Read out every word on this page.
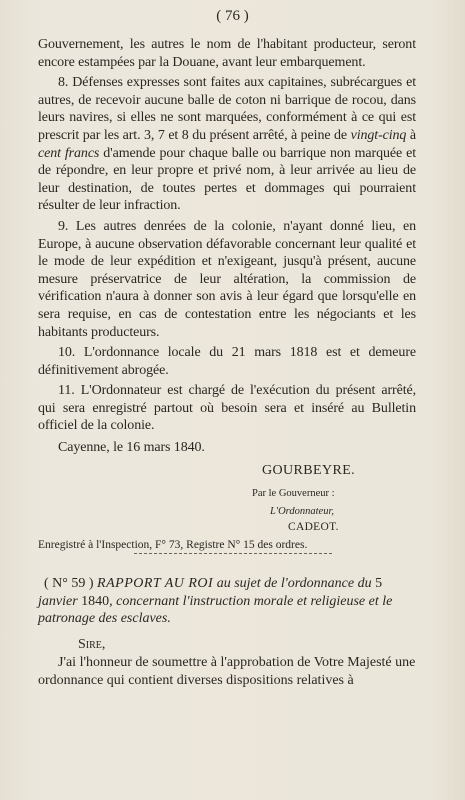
( 76 )

Gouvernement, les autres le nom de l'habitant producteur, seront encore estampées par la Douane, avant leur embarquement.

8. Défenses expresses sont faites aux capitaines, subrécargues et autres, de recevoir aucune balle de coton ni barrique de rocou, dans leurs navires, si elles ne sont marquées, conformément à ce qui est prescrit par les art. 3, 7 et 8 du présent arrêté, à peine de vingt-cinq à cent francs d'amende pour chaque balle ou barrique non marquée et de répondre, en leur propre et privé nom, à leur arrivée au lieu de leur destination, de toutes pertes et dommages qui pourraient résulter de leur infraction.

9. Les autres denrées de la colonie, n'ayant donné lieu, en Europe, à aucune observation défavorable concernant leur qualité et le mode de leur expédition et n'exigeant, jusqu'à présent, aucune mesure préservatrice de leur altération, la commission de vérification n'aura à donner son avis à leur égard que lorsqu'elle en sera requise, en cas de contestation entre les négociants et les habitants producteurs.

10. L'ordonnance locale du 21 mars 1818 est et demeure définitivement abrogée.

11. L'Ordonnateur est chargé de l'exécution du présent arrêté, qui sera enregistré partout où besoin sera et inséré au Bulletin officiel de la colonie.

Cayenne, le 16 mars 1840.

GOURBEYRE.
Par le Gouverneur :
L'Ordonnateur,
CADEOT.
Enregistré à l'Inspection, F° 73, Registre N° 15 des ordres.

( N° 59 ) RAPPORT AU ROI au sujet de l'ordonnance du 5 janvier 1840, concernant l'instruction morale et religieuse et le patronage des esclaves.

Sire,

J'ai l'honneur de soumettre à l'approbation de Votre Majesté une ordonnance qui contient diverses dispositions relatives à
